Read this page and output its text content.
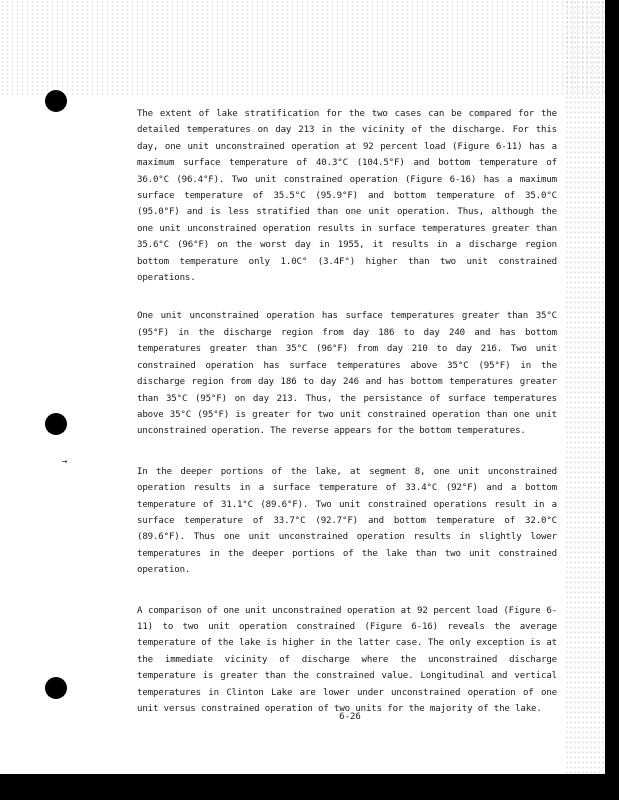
→

The extent of lake stratification for the two cases can be compared for the detailed temperatures on day 213 in the vicinity of the discharge. For this day, one unit unconstrained operation at 92 percent load (Figure 6-11) has a maximum surface temperature of 40.3°C (104.5°F) and bottom temperature of 36.0°C (96.4°F). Two unit constrained operation (Figure 6-16) has a maximum surface temperature of 35.5°C (95.9°F) and bottom temperature of 35.0°C (95.0°F) and is less stratified than one unit operation. Thus, although the one unit unconstrained operation results in surface temperatures greater than 35.6°C (96°F) on the worst day in 1955, it results in a discharge region bottom temperature only 1.0C° (3.4F°) higher than two unit constrained operations.

One unit unconstrained operation has surface temperatures greater than 35°C (95°F) in the discharge region from day 186 to day 240 and has bottom temperatures greater than 35°C (96°F) from day 210 to day 216. Two unit constrained operation has surface temperatures above 35°C (95°F) in the discharge region from day 186 to day 246 and has bottom temperatures greater than 35°C (95°F) on day 213. Thus, the persistance of surface temperatures above 35°C (95°F) is greater for two unit constrained operation than one unit unconstrained operation. The reverse appears for the bottom temperatures.

In the deeper portions of the lake, at segment 8, one unit unconstrained operation results in a surface temperature of 33.4°C (92°F) and a bottom temperature of 31.1°C (89.6°F). Two unit constrained operations result in a surface temperature of 33.7°C (92.7°F) and bottom temperature of 32.0°C (89.6°F). Thus one unit unconstrained operation results in slightly lower temperatures in the deeper portions of the lake than two unit constrained operation.

A comparison of one unit unconstrained operation at 92 percent load (Figure 6-11) to two unit operation constrained (Figure 6-16) reveals the average temperature of the lake is higher in the latter case. The only exception is at the immediate vicinity of discharge where the unconstrained discharge temperature is greater than the constrained value. Longitudinal and vertical temperatures in Clinton Lake are lower under unconstrained operation of one unit versus constrained operation of two units for the majority of the lake.

6-26
